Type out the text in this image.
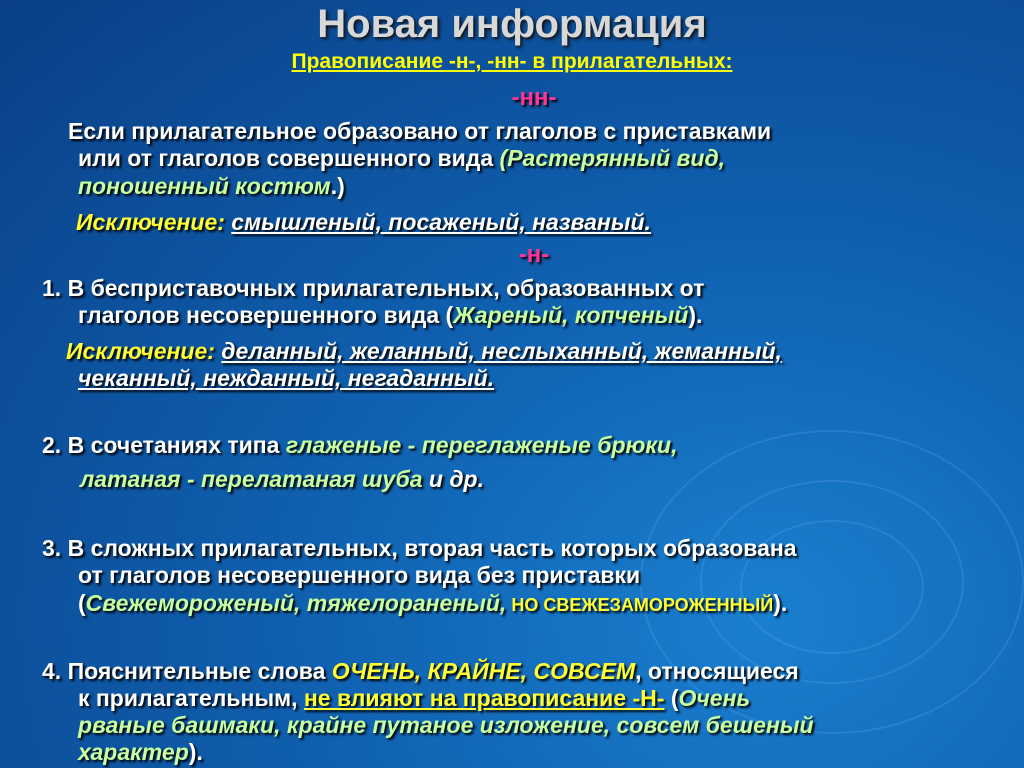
Новая информация
Правописание -н-, -нн- в прилагательных:
-нн-
Если прилагательное образовано от глаголов с приставками
или от глаголов совершенного вида (Растерянный вид,
поношенный костюм.)
Исключение: смышленый, посаженый, названый.
-н-
1. В бесприставочных прилагательных, образованных от
глаголов несовершенного вида (Жареный, копченый).
Исключение: деланный, желанный, неслыханный, жеманный,
чеканный, нежданный, негаданный.
2. В сочетаниях типа глаженые - переглаженые брюки,
латаная - перелатаная шуба и др.
3. В сложных прилагательных, вторая часть которых образована
от глаголов несовершенного вида без приставки
(Свежемороженый, тяжелораненый, НО СВЕЖЕЗАМОРОЖЕННЫЙ).
4. Пояснительные слова ОЧЕНЬ, КРАЙНЕ, СОВСЕМ, относящиеся
к прилагательным, не влияют на правописание -Н- (Очень
рваные башмаки, крайне путаное изложение, совсем бешеный
характер).
